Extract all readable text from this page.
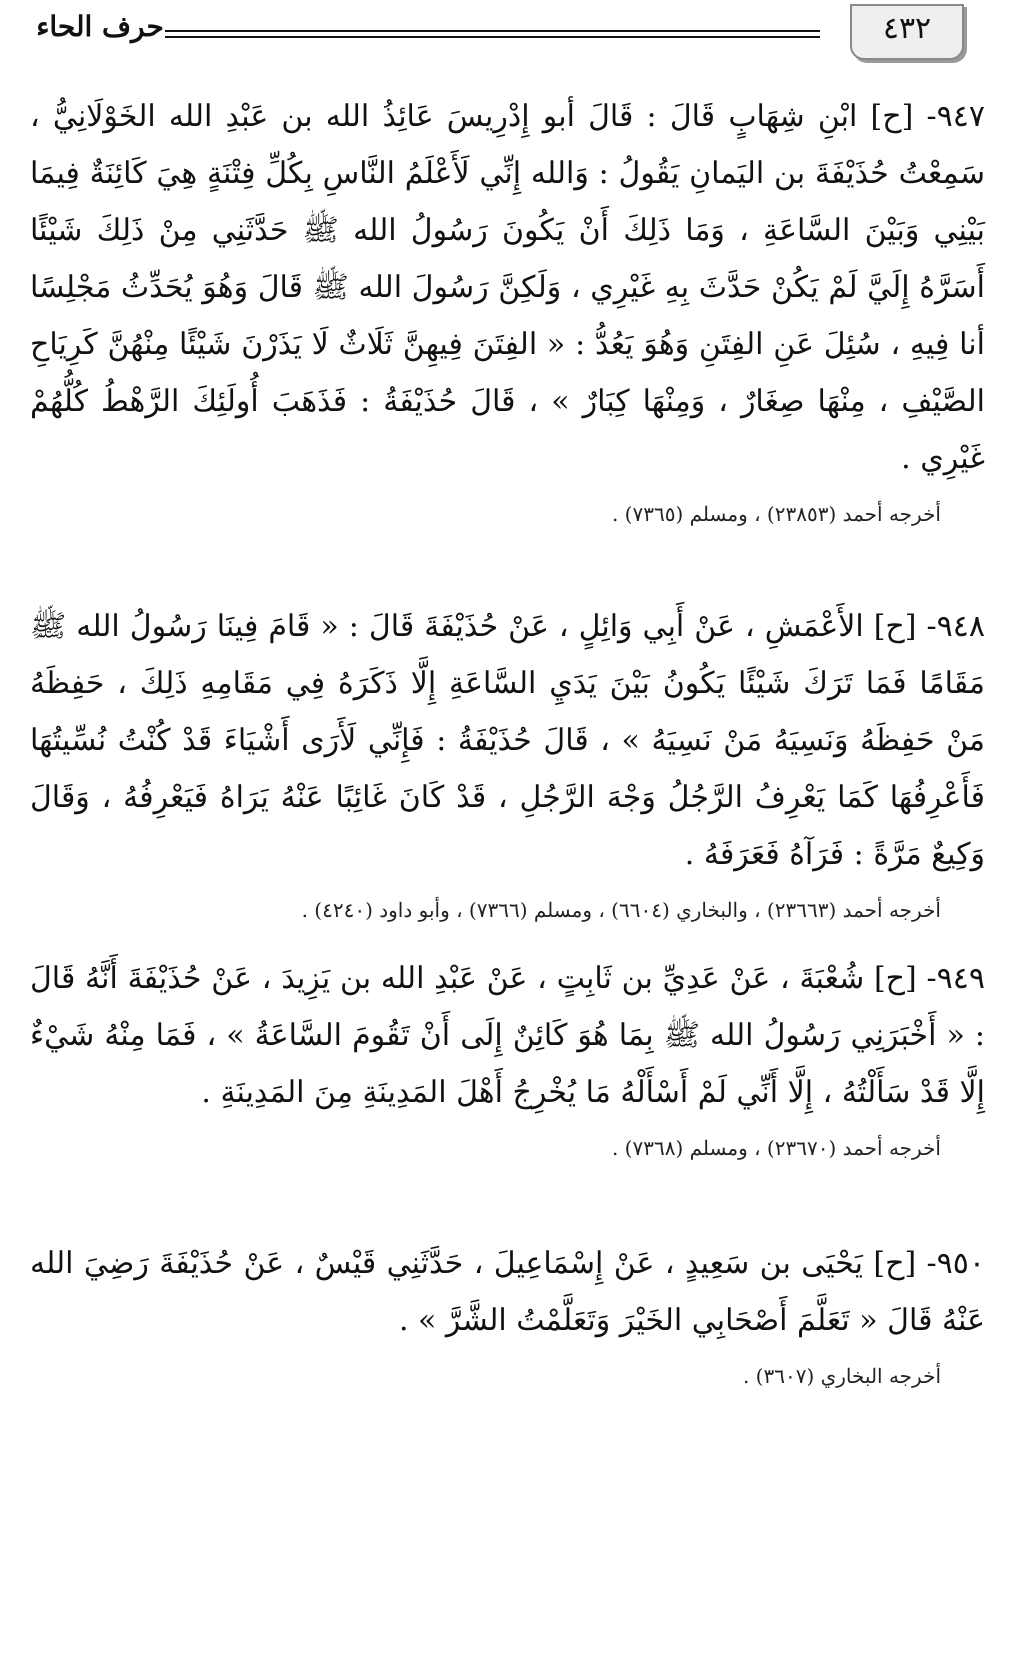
٤٣٢
حرف الحاء
٩٤٧- [ح] ابْنِ شِهَابٍ قَالَ : قَالَ أبو إِدْرِيسَ عَائِذُ الله بن عَبْدِ الله الخَوْلَانِيُّ ، سَمِعْتُ حُذَيْفَةَ بن اليَمانِ يَقُولُ : وَالله إِنِّي لَأَعْلَمُ النَّاسِ بِكُلِّ فِتْنَةٍ هِيَ كَائِنَةٌ فِيمَا بَيْنِي وَبَيْنَ السَّاعَةِ ، وَمَا ذَلِكَ أَنْ يَكُونَ رَسُولُ الله ﷺ حَدَّثَنِي مِنْ ذَلِكَ شَيْئًا أَسَرَّهُ إِلَيَّ لَمْ يَكُنْ حَدَّثَ بِهِ غَيْرِي ، وَلَكِنَّ رَسُولَ الله ﷺ قَالَ وَهُوَ يُحَدِّثُ مَجْلِسًا أنا فِيهِ ، سُئِلَ عَنِ الفِتَنِ وَهُوَ يَعُدُّ : « الفِتَنَ فِيهِنَّ ثَلَاثٌ لَا يَذَرْنَ شَيْئًا مِنْهُنَّ كَرِيَاحِ الصَّيْفِ ، مِنْهَا صِغَارٌ ، وَمِنْهَا كِبَارٌ » ، قَالَ حُذَيْفَةُ : فَذَهَبَ أُولَئِكَ الرَّهْطُ كُلُّهُمْ غَيْرِي .
أخرجه أحمد (٢٣٨٥٣) ، ومسلم (٧٣٦٥) .
٩٤٨- [ح] الأَعْمَشِ ، عَنْ أَبِي وَائِلٍ ، عَنْ حُذَيْفَةَ قَالَ : « قَامَ فِينَا رَسُولُ الله ﷺ مَقَامًا فَمَا تَرَكَ شَيْئًا يَكُونُ بَيْنَ يَدَيِ السَّاعَةِ إِلَّا ذَكَرَهُ فِي مَقَامِهِ ذَلِكَ ، حَفِظَهُ مَنْ حَفِظَهُ وَنَسِيَهُ مَنْ نَسِيَهُ » ، قَالَ حُذَيْفَةُ : فَإِنِّي لَأَرَى أَشْيَاءَ قَدْ كُنْتُ نُسِّيتُهَا فَأَعْرِفُهَا كَمَا يَعْرِفُ الرَّجُلُ وَجْهَ الرَّجُلِ ، قَدْ كَانَ غَائِبًا عَنْهُ يَرَاهُ فَيَعْرِفُهُ ، وَقَالَ وَكِيعٌ مَرَّةً : فَرَآهُ فَعَرَفَهُ .
أخرجه أحمد (٢٣٦٦٣) ، والبخاري (٦٦٠٤) ، ومسلم (٧٣٦٦) ، وأبو داود (٤٢٤٠) .
٩٤٩- [ح] شُعْبَةَ ، عَنْ عَدِيِّ بن ثَابِتٍ ، عَنْ عَبْدِ الله بن يَزِيدَ ، عَنْ حُذَيْفَةَ أَنَّهُ قَالَ : « أَخْبَرَنِي رَسُولُ الله ﷺ بِمَا هُوَ كَائِنٌ إِلَى أَنْ تَقُومَ السَّاعَةُ » ، فَمَا مِنْهُ شَيْءٌ إِلَّا قَدْ سَأَلْتُهُ ، إِلَّا أَنِّي لَمْ أَسْأَلْهُ مَا يُخْرِجُ أَهْلَ المَدِينَةِ مِنَ المَدِينَةِ .
أخرجه أحمد (٢٣٦٧٠) ، ومسلم (٧٣٦٨) .
٩٥٠- [ح] يَحْيَى بن سَعِيدٍ ، عَنْ إِسْمَاعِيلَ ، حَدَّثَنِي قَيْسٌ ، عَنْ حُذَيْفَةَ رَضِيَ الله عَنْهُ قَالَ « تَعَلَّمَ أَصْحَابِي الخَيْرَ وَتَعَلَّمْتُ الشَّرَّ » .
أخرجه البخاري (٣٦٠٧) .
